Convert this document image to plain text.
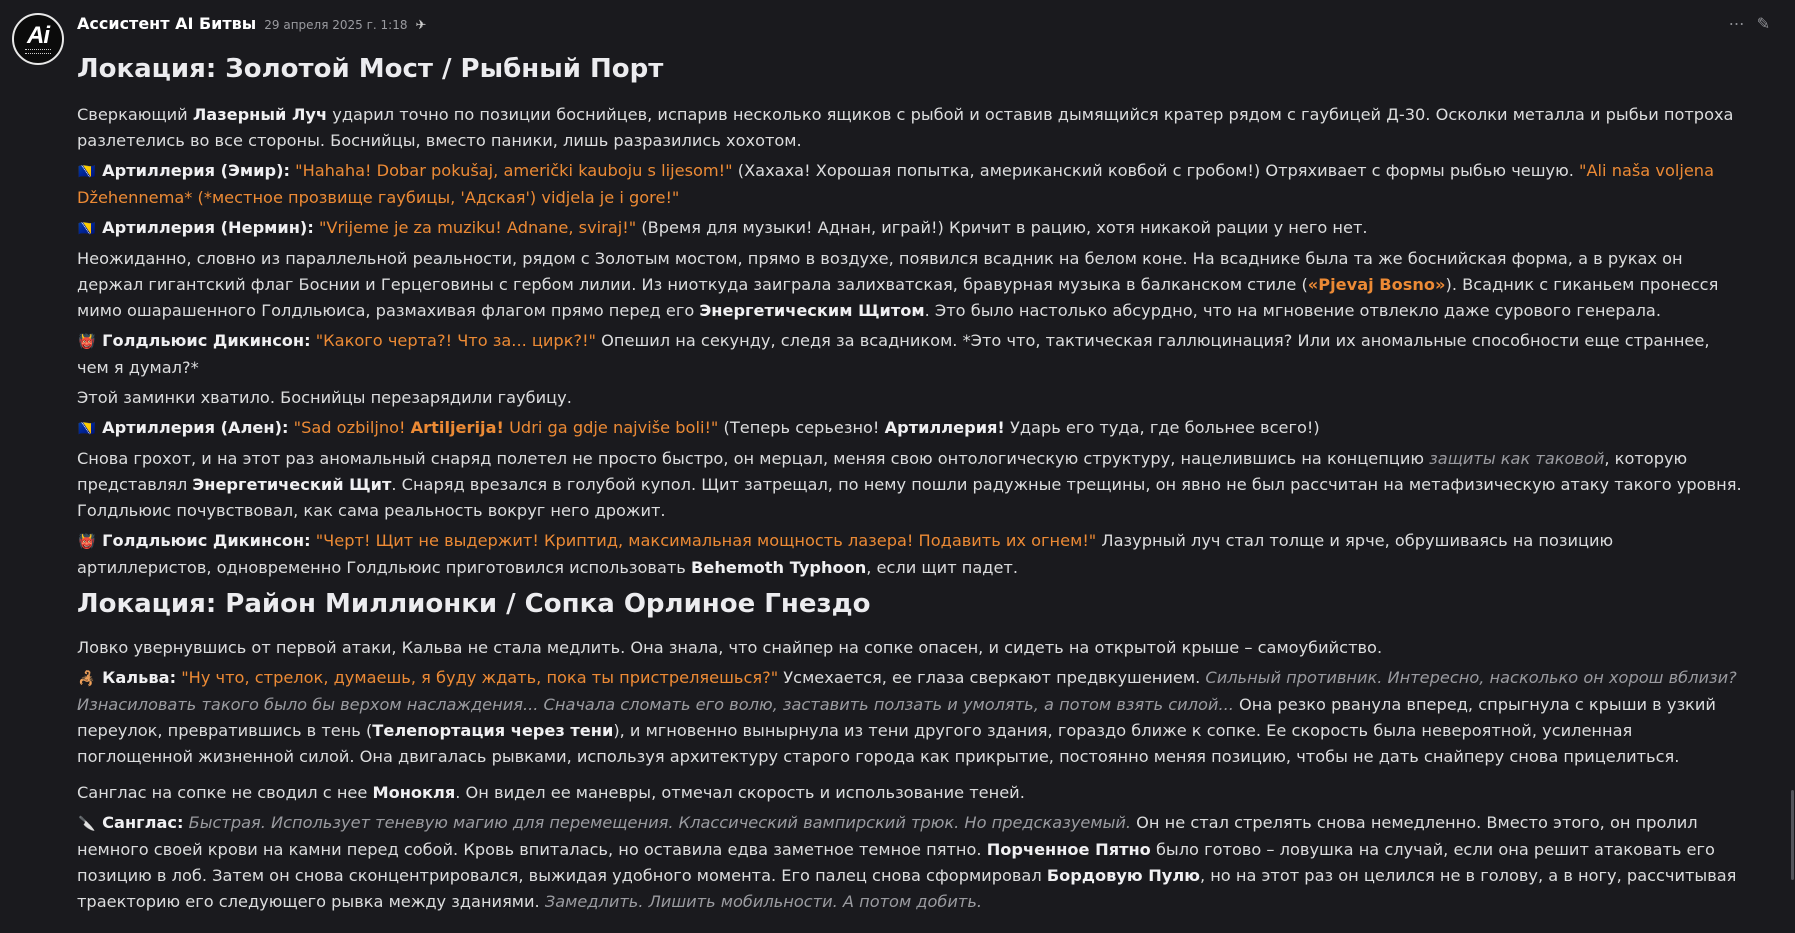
Ai Ассистент AI Битвы 29 апреля 2025 г. 1:18 ✈	⋯ ✎
Локация: Золотой Мост / Рыбный Порт

Сверкающий Лазерный Луч ударил точно по позиции боснийцев, испарив несколько ящиков с рыбой и оставив дымящийся кратер рядом с гаубицей Д-30. Осколки металла и рыбьи потроха разлетелись во все стороны. Боснийцы, вместо паники, лишь разразились хохотом.

🇧🇦 Артиллерия (Эмир): "Hahaha! Dobar pokušaj, američki kauboju s lijesom!" (Хахаха! Хорошая попытка, американский ковбой с гробом!) Отряхивает с формы рыбью чешую. "Ali naša voljena Džehennema* (*местное прозвище гаубицы, 'Адская') vidjela je i gore!"

🇧🇦 Артиллерия (Нермин): "Vrijeme je za muziku! Adnane, sviraj!" (Время для музыки! Аднан, играй!) Кричит в рацию, хотя никакой рации у него нет.

Неожиданно, словно из параллельной реальности, рядом с Золотым мостом, прямо в воздухе, появился всадник на белом коне. На всаднике была та же боснийская форма, а в руках он держал гигантский флаг Боснии и Герцеговины с гербом лилии. Из ниоткуда заиграла залихватская, бравурная музыка в балканском стиле («Pjevaj Bosno»). Всадник с гиканьем пронесся мимо ошарашенного Голдльюиса, размахивая флагом прямо перед его Энергетическим Щитом. Это было настолько абсурдно, что на мгновение отвлекло даже сурового генерала.

👹 Голдльюис Дикинсон: "Какого черта?! Что за... цирк?!" Опешил на секунду, следя за всадником. *Это что, тактическая галлюцинация? Или их аномальные способности еще страннее, чем я думал?*

Этой заминки хватило. Боснийцы перезарядили гаубицу.

🇧🇦 Артиллерия (Ален): "Sad ozbiljno! Artiljerija! Udri ga gdje najviše boli!" (Теперь серьезно! Артиллерия! Ударь его туда, где больнее всего!)

Снова грохот, и на этот раз аномальный снаряд полетел не просто быстро, он мерцал, меняя свою онтологическую структуру, нацелившись на концепцию защиты как таковой, которую представлял Энергетический Щит. Снаряд врезался в голубой купол. Щит затрещал, по нему пошли радужные трещины, он явно не был рассчитан на метафизическую атаку такого уровня. Голдльюис почувствовал, как сама реальность вокруг него дрожит.

👹 Голдльюис Дикинсон: "Черт! Щит не выдержит! Криптид, максимальная мощность лазера! Подавить их огнем!" Лазурный луч стал толще и ярче, обрушиваясь на позицию артиллеристов, одновременно Голдльюис приготовился использовать Behemoth Typhoon, если щит падет.

Локация: Район Миллионки / Сопка Орлиное Гнездо

Ловко увернувшись от первой атаки, Кальва не стала медлить. Она знала, что снайпер на сопке опасен, и сидеть на открытой крыше – самоубийство.

🦂 Кальва: "Ну что, стрелок, думаешь, я буду ждать, пока ты пристреляешься?" Усмехается, ее глаза сверкают предвкушением. Сильный противник. Интересно, насколько он хорош вблизи? Изнасиловать такого было бы верхом наслаждения... Сначала сломать его волю, заставить ползать и умолять, а потом взять силой... Она резко рванула вперед, спрыгнула с крыши в узкий переулок, превратившись в тень (Телепортация через тени), и мгновенно вынырнула из тени другого здания, гораздо ближе к сопке. Ее скорость была невероятной, усиленная поглощенной жизненной силой. Она двигалась рывками, используя архитектуру старого города как прикрытие, постоянно меняя позицию, чтобы не дать снайперу снова прицелиться.

Санглас на сопке не сводил с нее Монокля. Он видел ее маневры, отмечал скорость и использование теней.

🔪 Санглас: Быстрая. Использует теневую магию для перемещения. Классический вампирский трюк. Но предсказуемый. Он не стал стрелять снова немедленно. Вместо этого, он пролил немного своей крови на камни перед собой. Кровь впиталась, но оставила едва заметное темное пятно. Порченное Пятно было готово – ловушка на случай, если она решит атаковать его позицию в лоб. Затем он снова сконцентрировался, выжидая удобного момента. Его палец снова сформировал Бордовую Пулю, но на этот раз он целился не в голову, а в ногу, рассчитывая траекторию его следующего рывка между зданиями. Замедлить. Лишить мобильности. А потом добить.
